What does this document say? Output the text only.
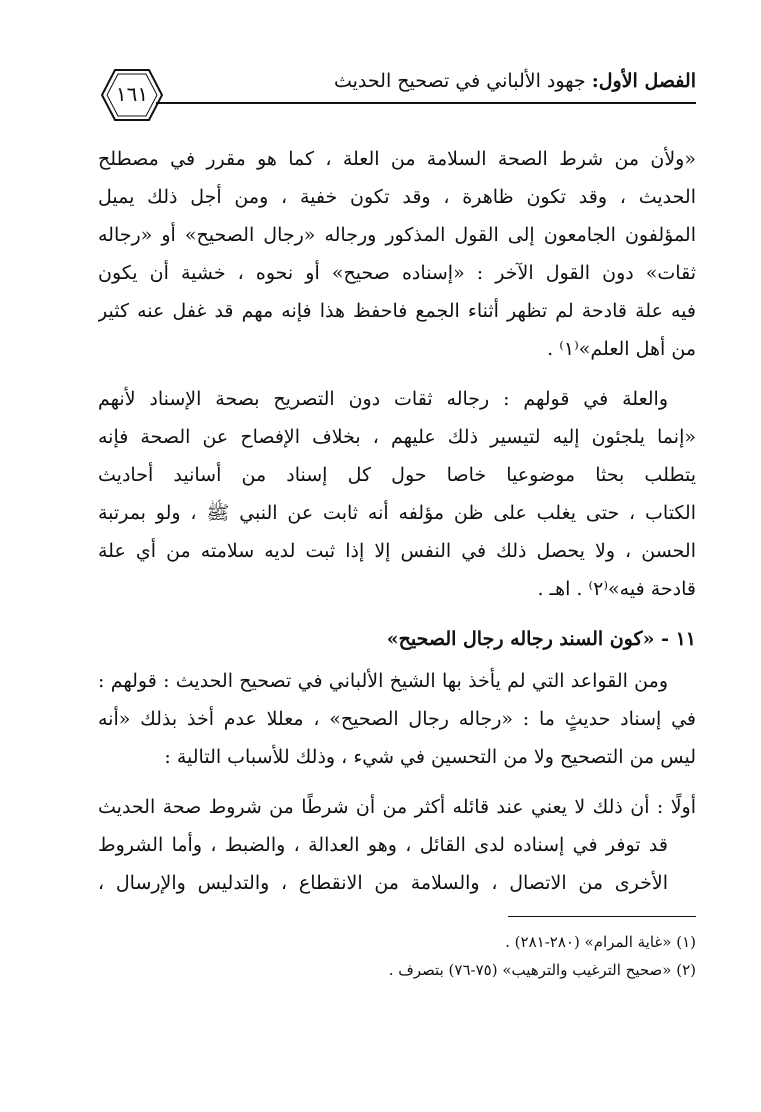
١٦١
الفصل الأول: جهود الألباني في تصحيح الحديث
«ولأن من شرط الصحة السلامة من العلة ، كما هو مقرر في مصطلح
الحديث ، وقد تكون ظاهرة ، وقد تكون خفية ، ومن أجل ذلك يميل
المؤلفون الجامعون إلى القول المذكور ورجاله «رجال الصحيح» أو «رجاله
ثقات» دون القول الآخر : «إسناده صحيح» أو نحوه ، خشية أن يكون
فيه علة قادحة لم تظهر أثناء الجمع فاحفظ هذا فإنه مهم قد غفل عنه كثير
من أهل العلم»⁽١⁾ .
والعلة في قولهم : رجاله ثقات دون التصريح بصحة الإسناد لأنهم
«إنما يلجئون إليه لتيسير ذلك عليهم ، بخلاف الإفصاح عن الصحة فإنه
يتطلب بحثا موضوعيا خاصا حول كل إسناد من أسانيد أحاديث
الكتاب ، حتى يغلب على ظن مؤلفه أنه ثابت عن النبي ﷺ ، ولو بمرتبة
الحسن ، ولا يحصل ذلك في النفس إلا إذا ثبت لديه سلامته من أي علة
قادحة فيه»⁽٢⁾ . اهـ .
١١ - «كون السند رجاله رجال الصحيح»
ومن القواعد التي لم يأخذ بها الشيخ الألباني في تصحيح الحديث : قولهم :
في إسناد حديثٍ ما : «رجاله رجال الصحيح» ، معللا عدم أخذ بذلك «أنه
ليس من التصحيح ولا من التحسين في شيء ، وذلك للأسباب التالية :
أولًا : أن ذلك لا يعني عند قائله أكثر من أن شرطًا من شروط صحة الحديث
قد توفر في إسناده لدى القائل ، وهو العدالة ، والضبط ، وأما الشروط
الأخرى من الاتصال ، والسلامة من الانقطاع ، والتدليس والإرسال ،
(١) «غاية المرام» (٢٨٠-٢٨١) .
(٢) «صحيح الترغيب والترهيب» (٧٥-٧٦) بتصرف .
